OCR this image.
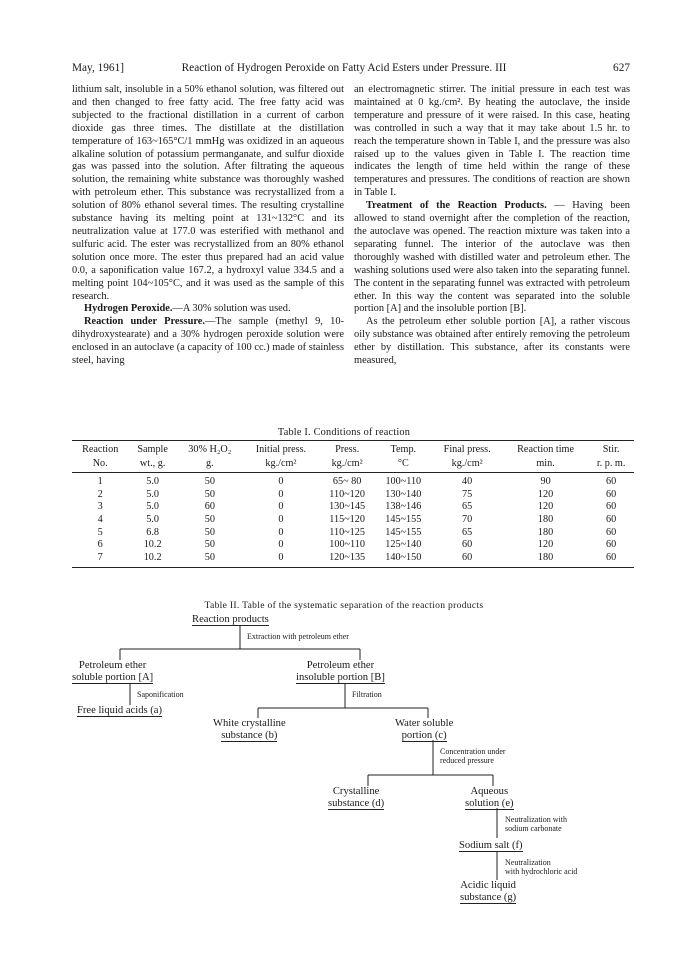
May, 1961]	Reaction of Hydrogen Peroxide on Fatty Acid Esters under Pressure. III	627

lithium salt, insoluble in a 50% ethanol solution, was filtered out and then changed to free fatty acid. The free fatty acid was subjected to the fractional distillation in a current of carbon dioxide gas three times. The distillate at the distillation temperature of 163~165°C/1 mmHg was oxidized in an aqueous alkaline solution of potassium permanganate, and sulfur dioxide gas was passed into the solution. After filtrating the aqueous solution, the remaining white substance was thoroughly washed with petroleum ether. This substance was recrystallized from a solution of 80% ethanol several times. The resulting crystalline substance having its melting point at 131~132°C and its neutralization value at 177.0 was esterified with methanol and sulfuric acid. The ester was recrystallized from an 80% ethanol solution once more. The ester thus prepared had an acid value 0.0, a saponification value 167.2, a hydroxyl value 334.5 and a melting point 104~105°C, and it was used as the sample of this research.

Hydrogen Peroxide.—A 30% solution was used.

Reaction under Pressure.—The sample (methyl 9, 10-dihydroxystearate) and a 30% hydrogen peroxide solution were enclosed in an autoclave (a capacity of 100 cc.) made of stainless steel, having

an electromagnetic stirrer. The initial pressure in each test was maintained at 0 kg./cm². By heating the autoclave, the inside temperature and pressure of it were raised. In this case, heating was controlled in such a way that it may take about 1.5 hr. to reach the temperature shown in Table I, and the pressure was also raised up to the values given in Table I. The reaction time indicates the length of time held within the range of these temperatures and pressures. The conditions of reaction are shown in Table I.

Treatment of the Reaction Products. — Having been allowed to stand overnight after the completion of the reaction, the autoclave was opened. The reaction mixture was taken into a separating funnel. The interior of the autoclave was then thoroughly washed with distilled water and petroleum ether. The washing solutions used were also taken into the separating funnel. The content in the separating funnel was extracted with petroleum ether. In this way the content was separated into the soluble portion [A] and the insoluble portion [B].

As the petroleum ether soluble portion [A], a rather viscous oily substance was obtained after entirely removing the petroleum ether by distillation. This substance, after its constants were measured,

Table I. Conditions of reaction
Reaction	Sample	30% H₂O₂	Initial press.	Press.	Temp.	Final press.	Reaction time	Stir.
No.	wt., g.	g.	kg./cm²	kg./cm²	°C	kg./cm²	min.	r. p. m.
1	5.0	50	0	65~ 80	100~110	40	90	60
2	5.0	50	0	110~120	130~140	75	120	60
3	5.0	60	0	130~145	138~146	65	120	60
4	5.0	50	0	115~120	145~155	70	180	60
5	6.8	50	0	110~125	145~155	65	180	60
6	10.2	50	0	100~110	125~140	60	120	60
7	10.2	50	0	120~135	140~150	60	180	60
Table II. Table of the systematic separation of the reaction products
Reaction products
Extraction with petroleum ether
Petroleum ether
soluble portion [A]
Petroleum ether
insoluble portion [B]
Saponification	Filtration
Free liquid acids (a)
White crystalline
substance (b)
Water soluble
portion (c)
Concentration under
reduced pressure
Crystalline
substance (d)
Aqueous
solution (e)
Neutralization with
sodium carbonate
Sodium salt (f)
Neutralization
with hydrochloric acid
Acidic liquid
substance (g)
